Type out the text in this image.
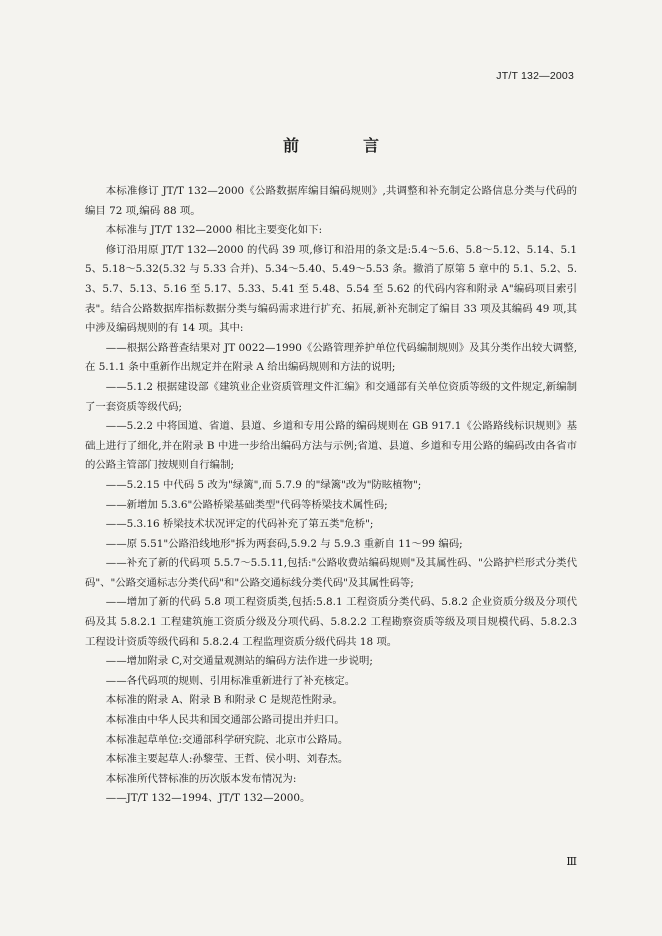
JT/T 132—2003
前　言

本标准修订 JT/T 132—2000《公路数据库编目编码规则》,共调整和补充制定公路信息分类与代码的编目 72 项,编码 88 项。

本标准与 JT/T 132—2000 相比主要变化如下:

修订沿用原 JT/T 132—2000 的代码 39 项,修订和沿用的条文是:5.4～5.6、5.8～5.12、5.14、5.15、5.18～5.32(5.32 与 5.33 合并)、5.34～5.40、5.49～5.53 条。撤消了原第 5 章中的 5.1、5.2、5.3、5.7、5.13、5.16 至 5.17、5.33、5.41 至 5.48、5.54 至 5.62 的代码内容和附录 A"编码项目索引表"。结合公路数据库指标数据分类与编码需求进行扩充、拓展,新补充制定了编目 33 项及其编码 49 项,其中涉及编码规则的有 14 项。其中:

——根据公路普查结果对 JT 0022—1990《公路管理养护单位代码编制规则》及其分类作出较大调整,在 5.1.1 条中重新作出规定并在附录 A 给出编码规则和方法的说明;

——5.1.2 根据建设部《建筑业企业资质管理文件汇编》和交通部有关单位资质等级的文件规定,新编制了一套资质等级代码;

——5.2.2 中将国道、省道、县道、乡道和专用公路的编码规则在 GB 917.1《公路路线标识规则》基础上进行了细化,并在附录 B 中进一步给出编码方法与示例;省道、县道、乡道和专用公路的编码改由各省市的公路主管部门按规则自行编制;

——5.2.15 中代码 5 改为"绿篱",而 5.7.9 的"绿篱"改为"防眩植物";

——新增加 5.3.6"公路桥梁基础类型"代码等桥梁技术属性码;

——5.3.16 桥梁技术状况评定的代码补充了第五类"危桥";

——原 5.51"公路沿线地形"拆为两套码,5.9.2 与 5.9.3 重新自 11～99 编码;

——补充了新的代码项 5.5.7～5.5.11,包括:"公路收费站编码规则"及其属性码、"公路护栏形式分类代码"、"公路交通标志分类代码"和"公路交通标线分类代码"及其属性码等;

——增加了新的代码 5.8 项工程资质类,包括:5.8.1 工程资质分类代码、5.8.2 企业资质分级及分项代码及其 5.8.2.1 工程建筑施工资质分级及分项代码、5.8.2.2 工程勘察资质等级及项目规模代码、5.8.2.3 工程设计资质等级代码和 5.8.2.4 工程监理资质分级代码共 18 项。

——增加附录 C,对交通量观测站的编码方法作进一步说明;

——各代码项的规则、引用标准重新进行了补充核定。

本标准的附录 A、附录 B 和附录 C 是规范性附录。

本标准由中华人民共和国交通部公路司提出并归口。

本标准起草单位:交通部科学研究院、北京市公路局。

本标准主要起草人:孙黎莹、王哲、侯小明、刘春杰。

本标准所代替标准的历次版本发布情况为:

——JT/T 132—1994、JT/T 132—2000。

Ⅲ
